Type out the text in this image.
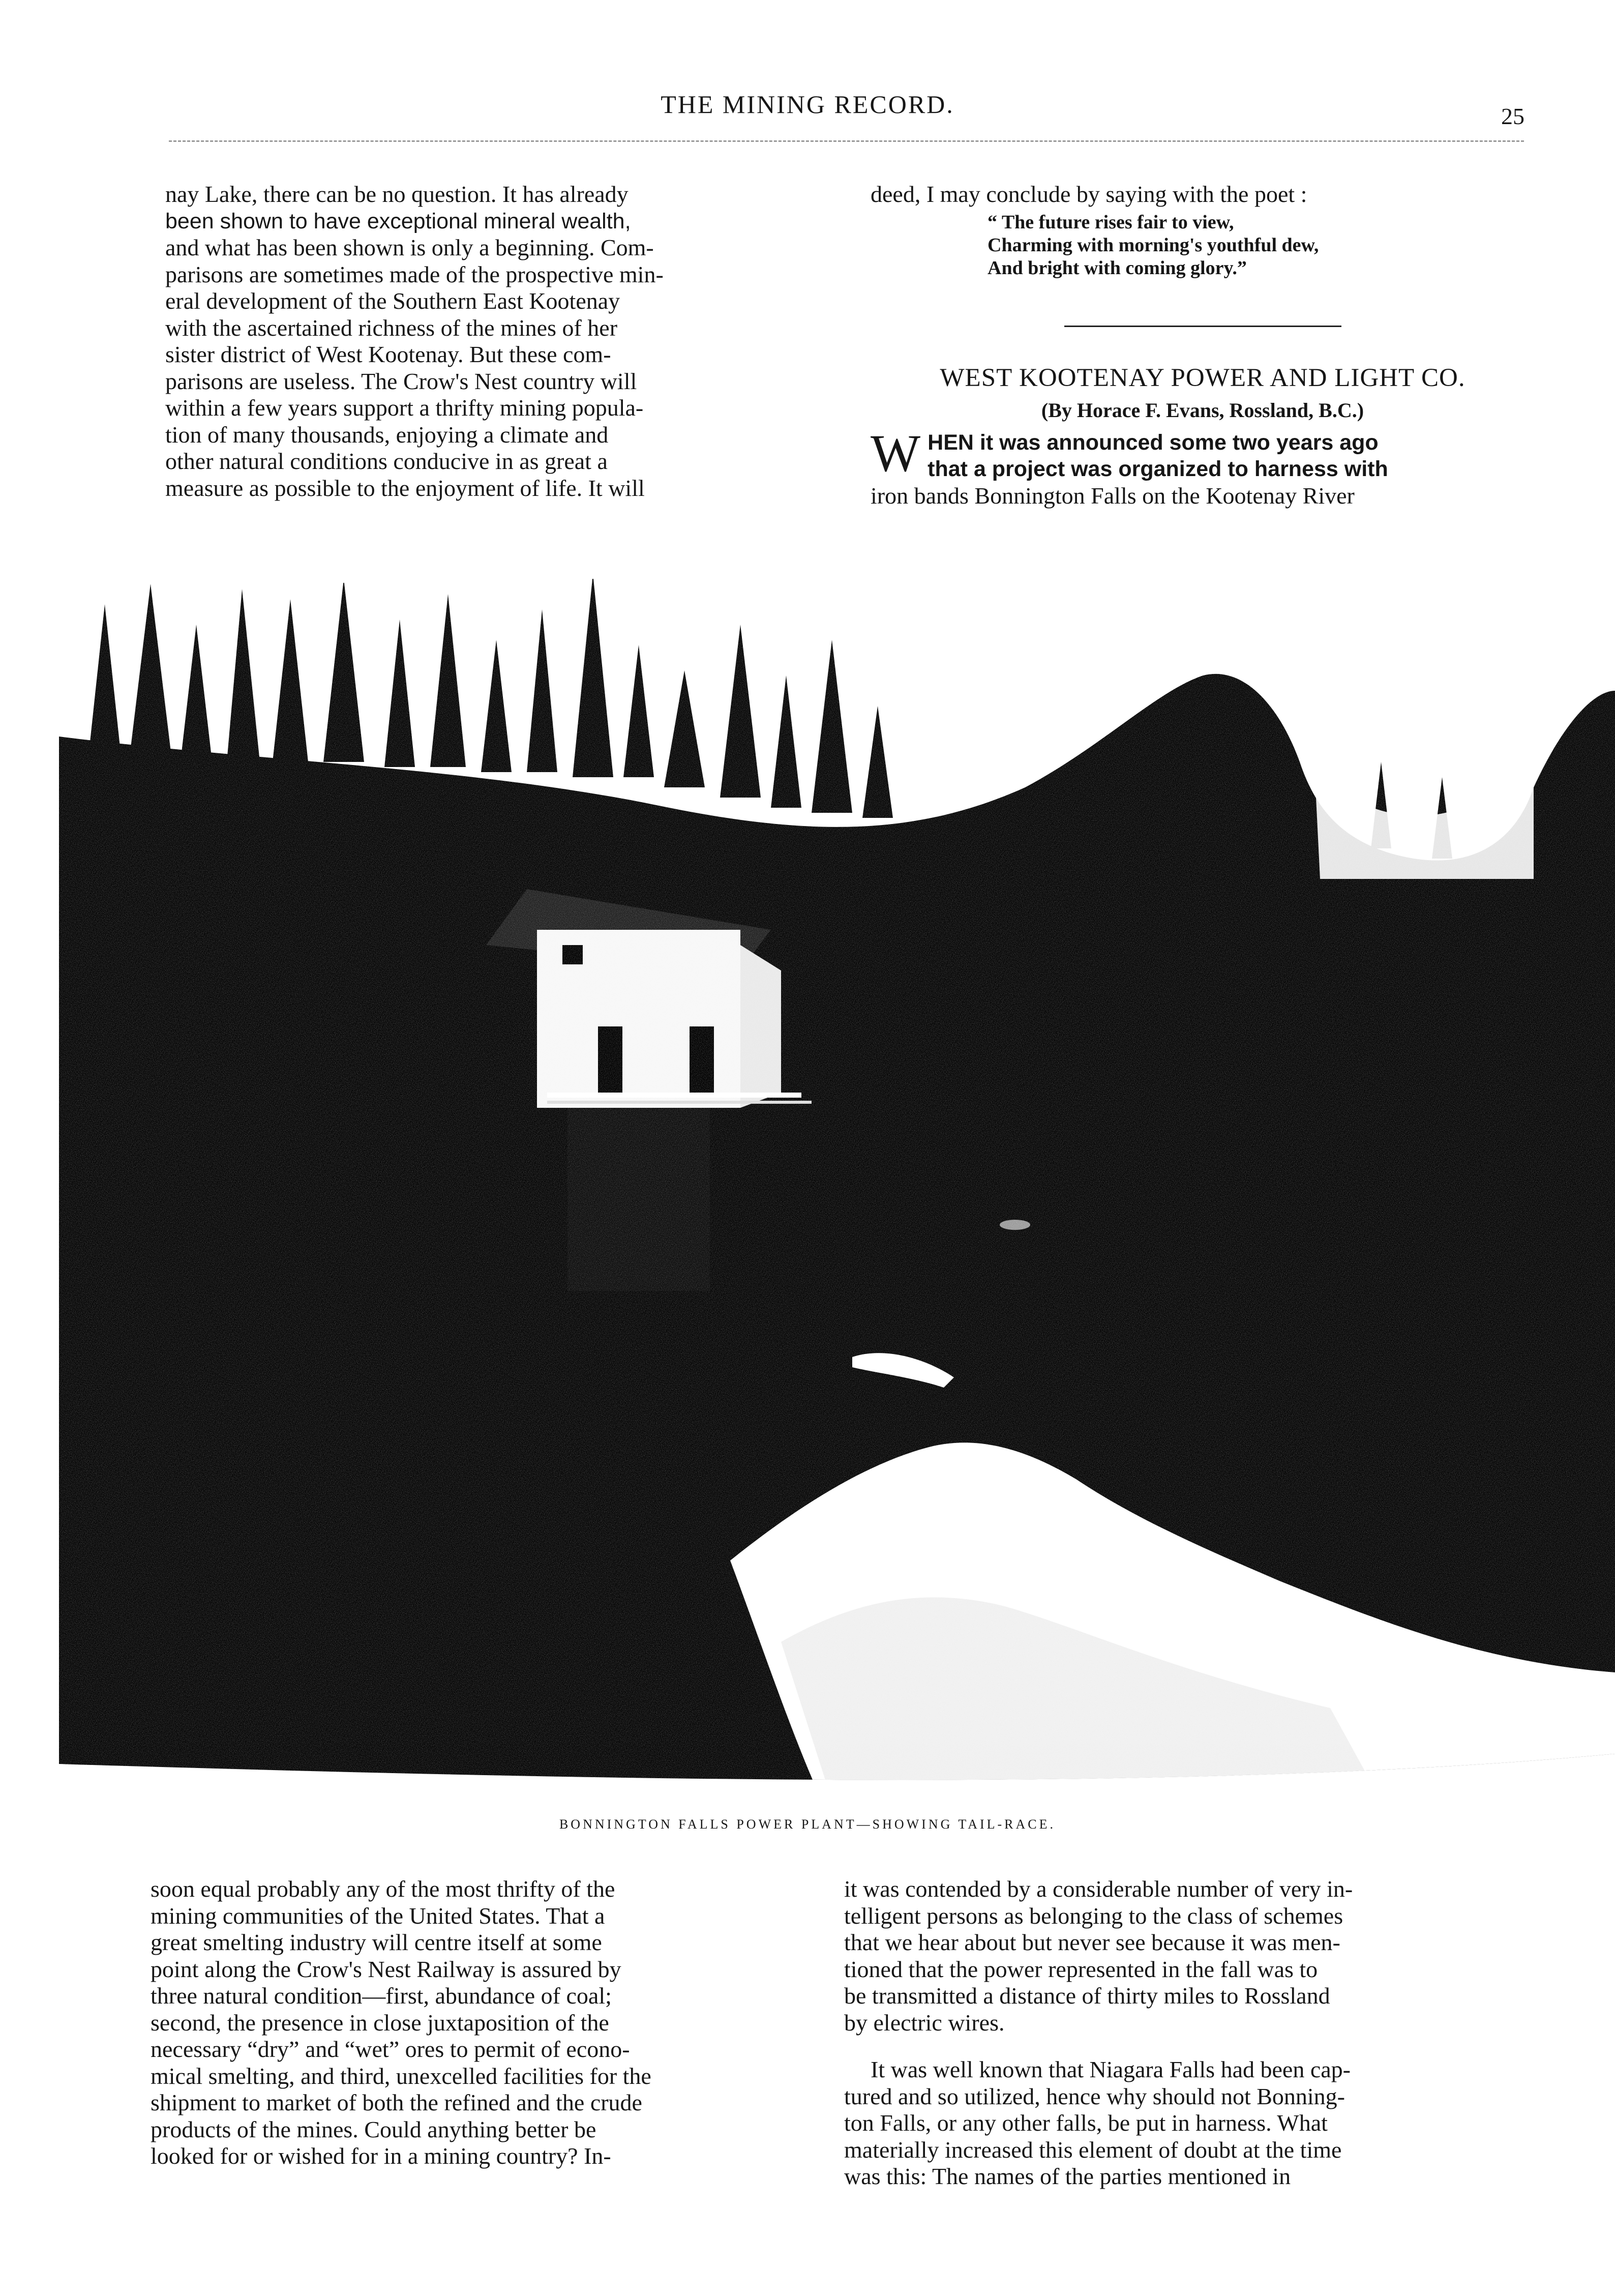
THE MINING RECORD.	25

nay Lake, there can be no question. It has already

been shown to have exceptional mineral wealth,

and what has been shown is only a beginning. Com-

parisons are sometimes made of the prospective min-

eral development of the Southern East Kootenay

with the ascertained richness of the mines of her

sister district of West Kootenay. But these com-

parisons are useless. The Crow's Nest country will

within a few years support a thrifty mining popula-

tion of many thousands, enjoying a climate and

other natural conditions conducive in as great a

measure as possible to the enjoyment of life. It will

deed, I may conclude by saying with the poet :

“ The future rises fair to view,

Charming with morning's youthful dew,

And bright with coming glory.”

WEST KOOTENAY POWER AND LIGHT CO.
(By Horace F. Evans, Rossland, B.C.)
W HEN it was announced some two years ago

that a project was organized to harness with

iron bands Bonnington Falls on the Kootenay River

BONNINGTON FALLS POWER PLANT—SHOWING TAIL-RACE.

soon equal probably any of the most thrifty of the

mining communities of the United States. That a

great smelting industry will centre itself at some

point along the Crow's Nest Railway is assured by

three natural condition—first, abundance of coal;

second, the presence in close juxtaposition of the

necessary “dry” and “wet” ores to permit of econo-

mical smelting, and third, unexcelled facilities for the

shipment to market of both the refined and the crude

products of the mines. Could anything better be

looked for or wished for in a mining country? In-

it was contended by a considerable number of very in-

telligent persons as belonging to the class of schemes

that we hear about but never see because it was men-

tioned that the power represented in the fall was to

be transmitted a distance of thirty miles to Rossland

by electric wires.

It was well known that Niagara Falls had been cap-

tured and so utilized, hence why should not Bonning-

ton Falls, or any other falls, be put in harness. What

materially increased this element of doubt at the time

was this: The names of the parties mentioned in
